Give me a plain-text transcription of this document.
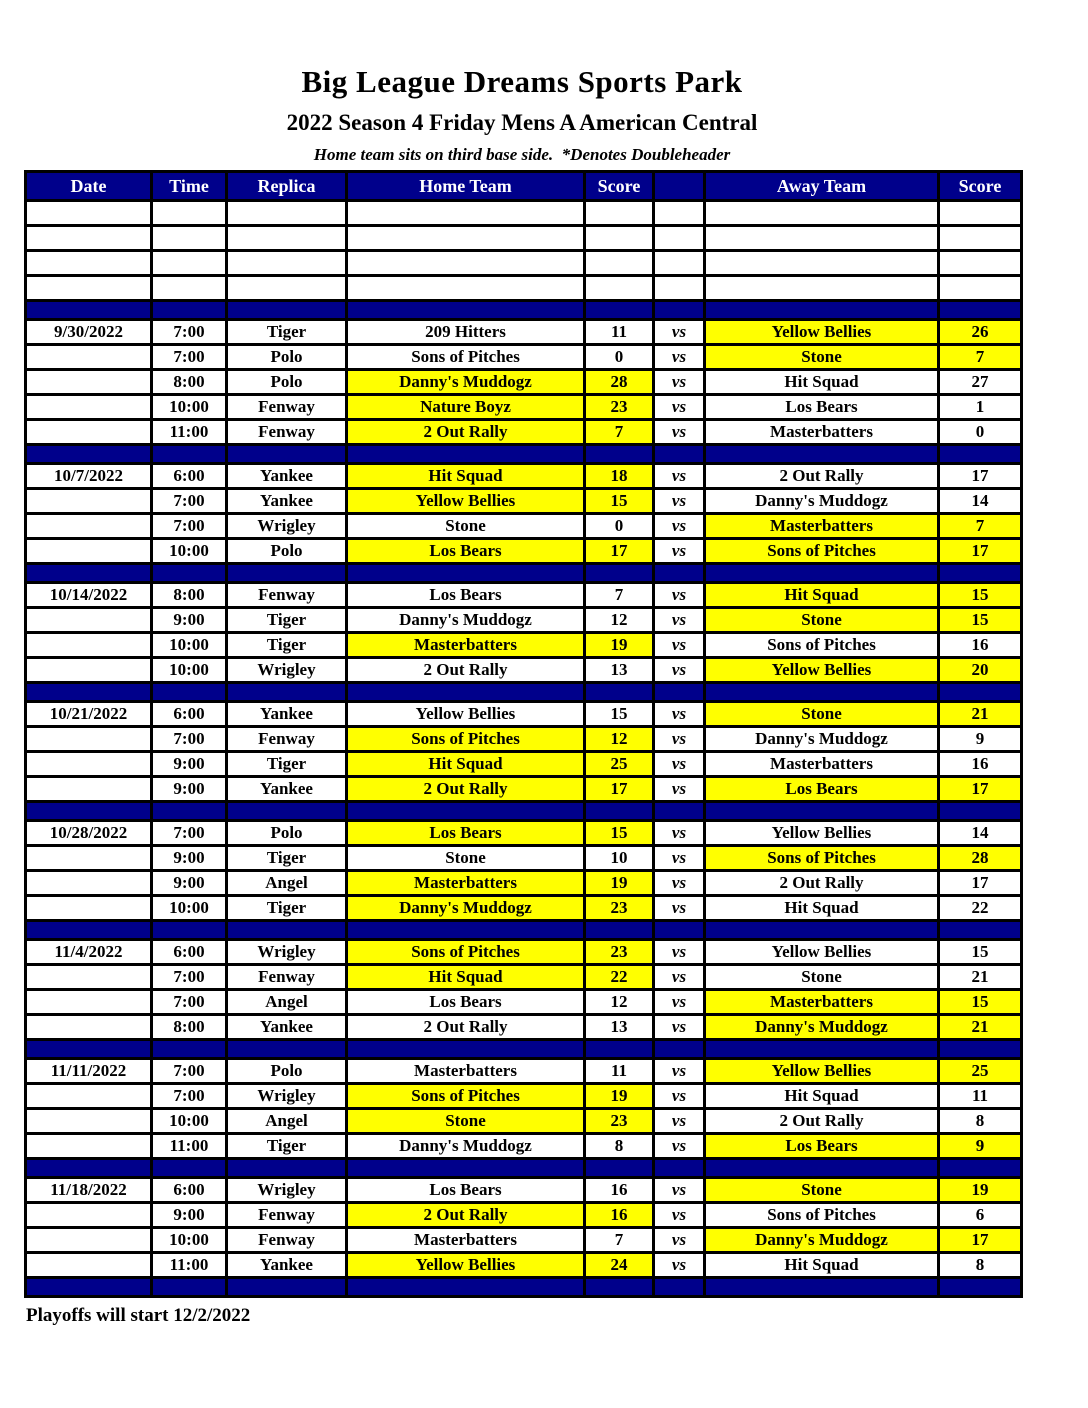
Big League Dreams Sports Park
2022 Season 4 Friday Mens A American Central
Home team sits on third base side.  *Denotes Doubleheader
Date	Time	Replica	Home Team	Score		Away Team	Score

9/30/2022	7:00	Tiger	209 Hitters	11	vs	Yellow Bellies	26
	7:00	Polo	Sons of Pitches	0	vs	Stone	7
	8:00	Polo	Danny's Muddogz	28	vs	Hit Squad	27
	10:00	Fenway	Nature Boyz	23	vs	Los Bears	1
	11:00	Fenway	2 Out Rally	7	vs	Masterbatters	0

10/7/2022	6:00	Yankee	Hit Squad	18	vs	2 Out Rally	17
	7:00	Yankee	Yellow Bellies	15	vs	Danny's Muddogz	14
	7:00	Wrigley	Stone	0	vs	Masterbatters	7
	10:00	Polo	Los Bears	17	vs	Sons of Pitches	17

10/14/2022	8:00	Fenway	Los Bears	7	vs	Hit Squad	15
	9:00	Tiger	Danny's Muddogz	12	vs	Stone	15
	10:00	Tiger	Masterbatters	19	vs	Sons of Pitches	16
	10:00	Wrigley	2 Out Rally	13	vs	Yellow Bellies	20

10/21/2022	6:00	Yankee	Yellow Bellies	15	vs	Stone	21
	7:00	Fenway	Sons of Pitches	12	vs	Danny's Muddogz	9
	9:00	Tiger	Hit Squad	25	vs	Masterbatters	16
	9:00	Yankee	2 Out Rally	17	vs	Los Bears	17

10/28/2022	7:00	Polo	Los Bears	15	vs	Yellow Bellies	14
	9:00	Tiger	Stone	10	vs	Sons of Pitches	28
	9:00	Angel	Masterbatters	19	vs	2 Out Rally	17
	10:00	Tiger	Danny's Muddogz	23	vs	Hit Squad	22

11/4/2022	6:00	Wrigley	Sons of Pitches	23	vs	Yellow Bellies	15
	7:00	Fenway	Hit Squad	22	vs	Stone	21
	7:00	Angel	Los Bears	12	vs	Masterbatters	15
	8:00	Yankee	2 Out Rally	13	vs	Danny's Muddogz	21

11/11/2022	7:00	Polo	Masterbatters	11	vs	Yellow Bellies	25
	7:00	Wrigley	Sons of Pitches	19	vs	Hit Squad	11
	10:00	Angel	Stone	23	vs	2 Out Rally	8
	11:00	Tiger	Danny's Muddogz	8	vs	Los Bears	9

11/18/2022	6:00	Wrigley	Los Bears	16	vs	Stone	19
	9:00	Fenway	2 Out Rally	16	vs	Sons of Pitches	6
	10:00	Fenway	Masterbatters	7	vs	Danny's Muddogz	17
	11:00	Yankee	Yellow Bellies	24	vs	Hit Squad	8

Playoffs will start 12/2/2022
